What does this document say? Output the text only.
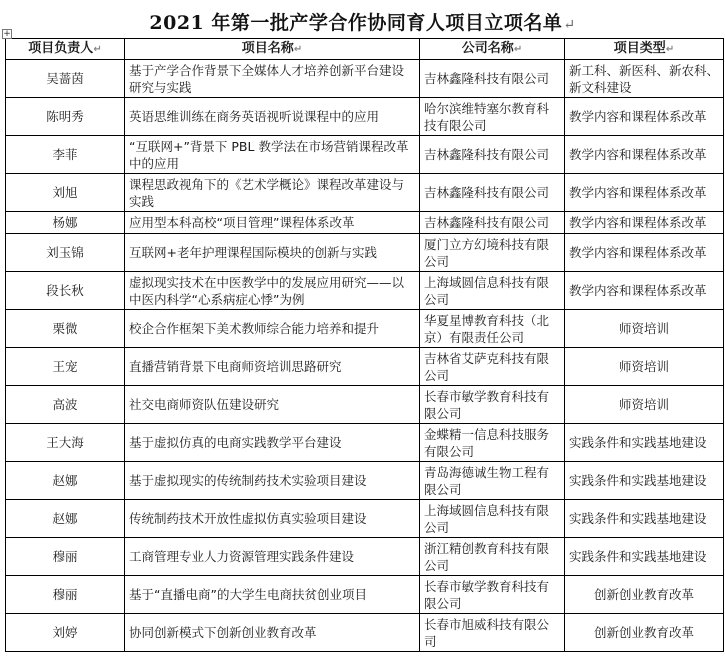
2021 年第一批产学合作协同育人项目立项名单↵
+
项目负责人↵	项目名称↵	公司名称↵	项目类型↵
吴蔷茵	基于产学合作背景下全媒体人才培养创新平台建设研究与实践	吉林鑫隆科技有限公司	新工科、新医科、新农科、新文科建设
陈明秀	英语思维训练在商务英语视听说课程中的应用	哈尔滨维特塞尔教育科技有限公司	教学内容和课程体系改革
李菲	“互联网+”背景下 PBL 教学法在市场营销课程改革中的应用	吉林鑫隆科技有限公司	教学内容和课程体系改革
刘旭	课程思政视角下的《艺术学概论》课程改革建设与实践	吉林鑫隆科技有限公司	教学内容和课程体系改革
杨娜	应用型本科高校“项目管理”课程体系改革	吉林鑫隆科技有限公司	教学内容和课程体系改革
刘玉锦	互联网+老年护理课程国际模块的创新与实践	厦门立方幻境科技有限公司	教学内容和课程体系改革
段长秋	虚拟现实技术在中医教学中的发展应用研究——以中医内科学“心系病症心悸”为例	上海域圆信息科技有限公司	教学内容和课程体系改革
栗微	校企合作框架下美术教师综合能力培养和提升	华夏星博教育科技（北京）有限责任公司	师资培训
王宠	直播营销背景下电商师资培训思路研究	吉林省艾萨克科技有限公司	师资培训
高波	社交电商师资队伍建设研究	长春市敏学教育科技有限公司	师资培训
王大海	基于虚拟仿真的电商实践教学平台建设	金蝶精一信息科技服务有限公司	实践条件和实践基地建设
赵娜	基于虚拟现实的传统制药技术实验项目建设	青岛海德诚生物工程有限公司	实践条件和实践基地建设
赵娜	传统制药技术开放性虚拟仿真实验项目建设	上海域圆信息科技有限公司	实践条件和实践基地建设
穆丽	工商管理专业人力资源管理实践条件建设	浙江精创教育科技有限公司	实践条件和实践基地建设
穆丽	基于“直播电商”的大学生电商扶贫创业项目	长春市敏学教育科技有限公司	创新创业教育改革
刘婷	协同创新模式下创新创业教育改革	长春市旭威科技有限公司	创新创业教育改革
